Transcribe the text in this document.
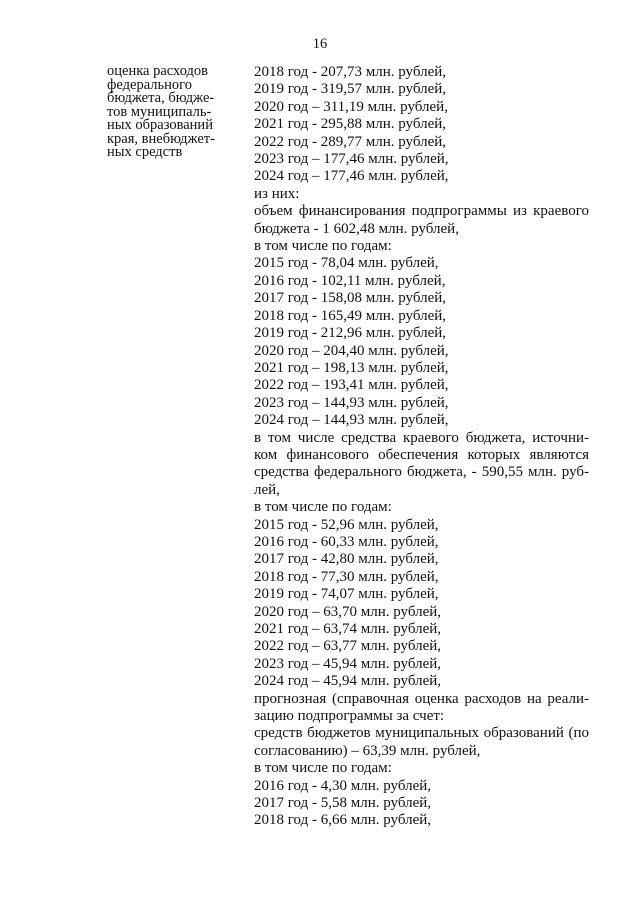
16
оценка расходов
федерального
бюджета, бюдже-
тов муниципаль-
ных образований
края, внебюджет-
ных средств
2018 год - 207,73 млн. рублей,
2019 год - 319,57 млн. рублей,
2020 год – 311,19 млн. рублей,
2021 год - 295,88 млн. рублей,
2022 год - 289,77 млн. рублей,
2023 год – 177,46 млн. рублей,
2024 год – 177,46 млн. рублей,
из них:
объем финансирования подпрограммы из краевого
бюджета - 1 602,48 млн. рублей,
в том числе по годам:
2015 год - 78,04 млн. рублей,
2016 год - 102,11 млн. рублей,
2017 год - 158,08 млн. рублей,
2018 год - 165,49 млн. рублей,
2019 год - 212,96 млн. рублей,
2020 год – 204,40 млн. рублей,
2021 год – 198,13 млн. рублей,
2022 год – 193,41 млн. рублей,
2023 год – 144,93 млн. рублей,
2024 год – 144,93 млн. рублей,
в том числе средства краевого бюджета, источни-
ком финансового обеспечения которых являются
средства федерального бюджета, - 590,55 млн. руб-
лей,
в том числе по годам:
2015 год - 52,96 млн. рублей,
2016 год - 60,33 млн. рублей,
2017 год - 42,80 млн. рублей,
2018 год - 77,30 млн. рублей,
2019 год - 74,07 млн. рублей,
2020 год – 63,70 млн. рублей,
2021 год – 63,74 млн. рублей,
2022 год – 63,77 млн. рублей,
2023 год – 45,94 млн. рублей,
2024 год – 45,94 млн. рублей,
прогнозная (справочная оценка расходов на реали-
зацию подпрограммы за счет:
средств бюджетов муниципальных образований (по
согласованию) – 63,39 млн. рублей,
в том числе по годам:
2016 год - 4,30 млн. рублей,
2017 год - 5,58 млн. рублей,
2018 год - 6,66 млн. рублей,
